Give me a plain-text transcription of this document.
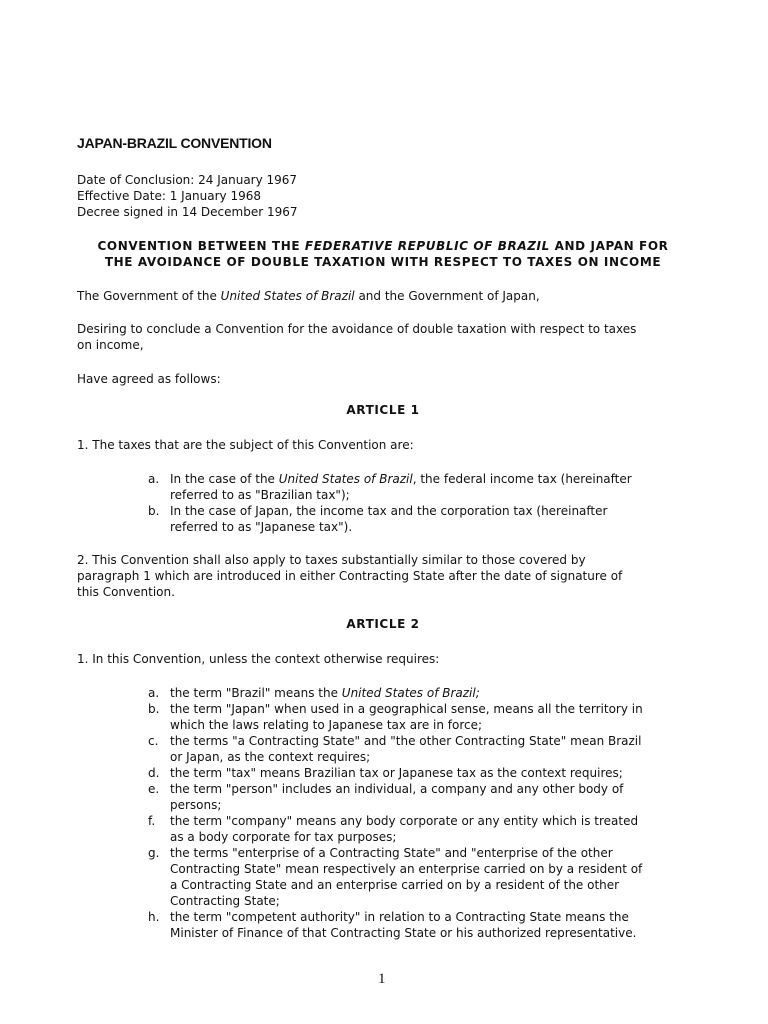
JAPAN-BRAZIL CONVENTION
Date of Conclusion: 24 January 1967
Effective Date: 1 January 1968
Decree signed in 14 December 1967
CONVENTION BETWEEN THE FEDERATIVE REPUBLIC OF BRAZIL AND JAPAN FOR
THE AVOIDANCE OF DOUBLE TAXATION WITH RESPECT TO TAXES ON INCOME

The Government of the United States of Brazil and the Government of Japan,

Desiring to conclude a Convention for the avoidance of double taxation with respect to taxes
on income,

Have agreed as follows:

ARTICLE 1

1. The taxes that are the subject of this Convention are:

a. In the case of the United States of Brazil, the federal income tax (hereinafter
referred to as "Brazilian tax");
b. In the case of Japan, the income tax and the corporation tax (hereinafter
referred to as "Japanese tax").

2. This Convention shall also apply to taxes substantially similar to those covered by
paragraph 1 which are introduced in either Contracting State after the date of signature of
this Convention.

ARTICLE 2

1. In this Convention, unless the context otherwise requires:

a. the term "Brazil" means the United States of Brazil;
b. the term "Japan" when used in a geographical sense, means all the territory in
which the laws relating to Japanese tax are in force;
c. the terms "a Contracting State" and "the other Contracting State" mean Brazil
or Japan, as the context requires;
d. the term "tax" means Brazilian tax or Japanese tax as the context requires;
e. the term "person" includes an individual, a company and any other body of
persons;
f. the term "company" means any body corporate or any entity which is treated
as a body corporate for tax purposes;
g. the terms "enterprise of a Contracting State" and "enterprise of the other
Contracting State" mean respectively an enterprise carried on by a resident of
a Contracting State and an enterprise carried on by a resident of the other
Contracting State;
h. the term "competent authority" in relation to a Contracting State means the
Minister of Finance of that Contracting State or his authorized representative.
1
